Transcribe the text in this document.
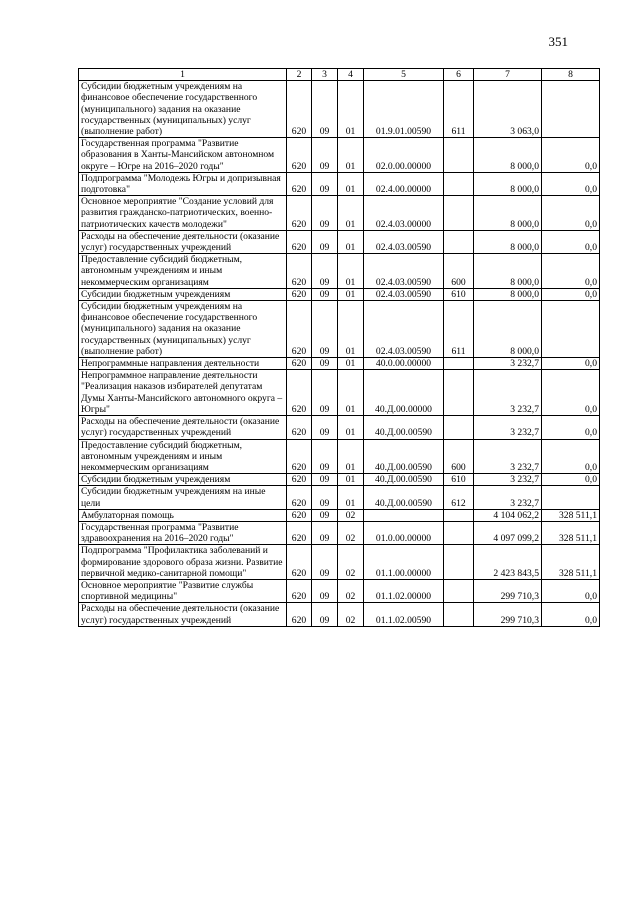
351
1	2	3	4	5	6	7	8
Субсидии бюджетным учреждениям на финансовое обеспечение государственного (муниципального) задания на оказание государственных (муниципальных) услуг (выполнение работ)	620	09	01	01.9.01.00590	611	3 063,0	
Государственная программа "Развитие образования в Ханты-Мансийском автономном округе – Югре на 2016–2020 годы"	620	09	01	02.0.00.00000		8 000,0	0,0
Подпрограмма "Молодежь Югры и допризывная подготовка"	620	09	01	02.4.00.00000		8 000,0	0,0
Основное мероприятие "Создание условий для развития гражданско-патриотических, военно-патриотических качеств молодежи"	620	09	01	02.4.03.00000		8 000,0	0,0
Расходы на обеспечение деятельности (оказание услуг) государственных учреждений	620	09	01	02.4.03.00590		8 000,0	0,0
Предоставление субсидий бюджетным, автономным учреждениям и иным некоммерческим организациям	620	09	01	02.4.03.00590	600	8 000,0	0,0
Субсидии бюджетным учреждениям	620	09	01	02.4.03.00590	610	8 000,0	0,0
Субсидии бюджетным учреждениям на финансовое обеспечение государственного (муниципального) задания на оказание государственных (муниципальных) услуг (выполнение работ)	620	09	01	02.4.03.00590	611	8 000,0	
Непрограммные направления деятельности	620	09	01	40.0.00.00000		3 232,7	0,0
Непрограммное направление деятельности "Реализация наказов избирателей депутатам Думы Ханты-Мансийского автономного округа – Югры"	620	09	01	40.Д.00.00000		3 232,7	0,0
Расходы на обеспечение деятельности (оказание услуг) государственных учреждений	620	09	01	40.Д.00.00590		3 232,7	0,0
Предоставление субсидий бюджетным, автономным учреждениям и иным некоммерческим организациям	620	09	01	40.Д.00.00590	600	3 232,7	0,0
Субсидии бюджетным учреждениям	620	09	01	40.Д.00.00590	610	3 232,7	0,0
Субсидии бюджетным учреждениям на иные цели	620	09	01	40.Д.00.00590	612	3 232,7	
Амбулаторная помощь	620	09	02			4 104 062,2	328 511,1
Государственная программа "Развитие здравоохранения на 2016–2020 годы"	620	09	02	01.0.00.00000		4 097 099,2	328 511,1
Подпрограмма "Профилактика заболеваний и формирование здорового образа жизни. Развитие первичной медико-санитарной помощи"	620	09	02	01.1.00.00000		2 423 843,5	328 511,1
Основное мероприятие "Развитие службы спортивной медицины"	620	09	02	01.1.02.00000		299 710,3	0,0
Расходы на обеспечение деятельности (оказание услуг) государственных учреждений	620	09	02	01.1.02.00590		299 710,3	0,0
